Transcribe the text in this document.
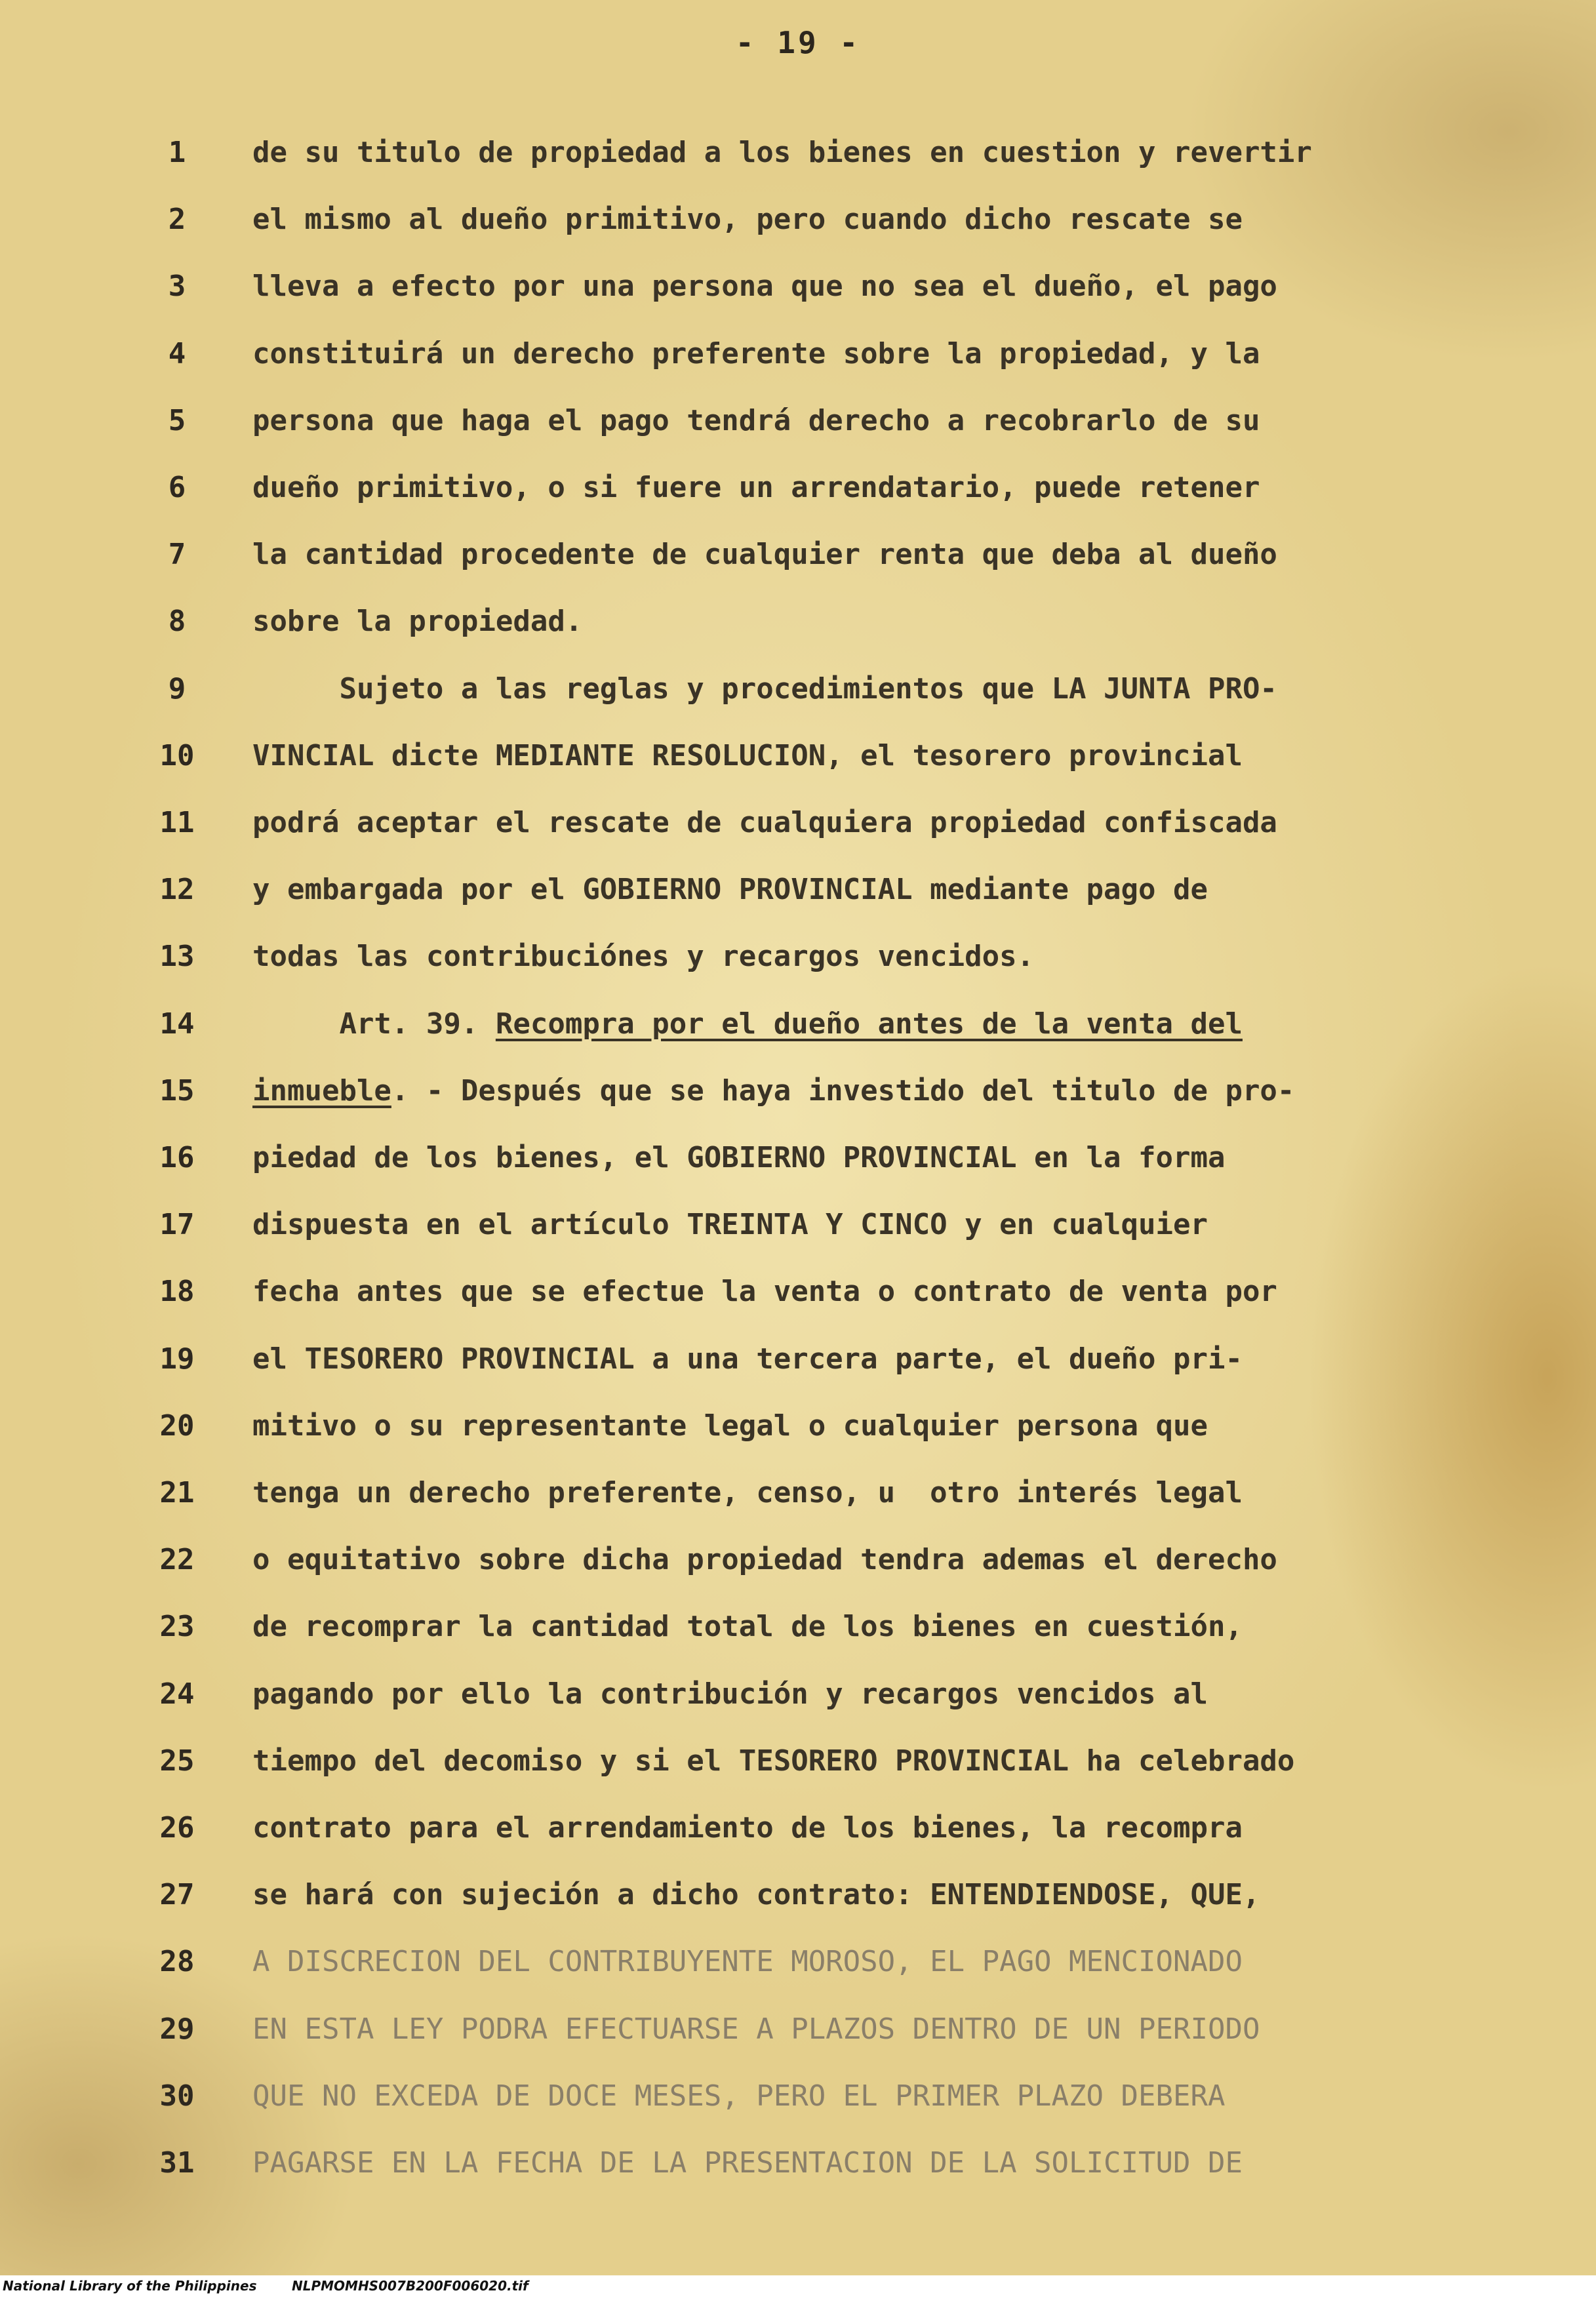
- 19 -
1	de su titulo de propiedad a los bienes en cuestion y revertir
2	el mismo al dueño primitivo, pero cuando dicho rescate se
3	lleva a efecto por una persona que no sea el dueño, el pago
4	constituirá un derecho preferente sobre la propiedad, y la
5	persona que haga el pago tendrá derecho a recobrarlo de su
6	dueño primitivo, o si fuere un arrendatario, puede retener
7	la cantidad procedente de cualquier renta que deba al dueño
8	sobre la propiedad.
9	Sujeto a las reglas y procedimientos que LA JUNTA PRO-
10	VINCIAL dicte MEDIANTE RESOLUCION, el tesorero provincial
11	podrá aceptar el rescate de cualquiera propiedad confiscada
12	y embargada por el GOBIERNO PROVINCIAL mediante pago de
13	todas las contribuciónes y recargos vencidos.
14	Art. 39. Recompra por el dueño antes de la venta del
15	inmueble. - Después que se haya investido del titulo de pro-
16	piedad de los bienes, el GOBIERNO PROVINCIAL en la forma
17	dispuesta en el artículo TREINTA Y CINCO y en cualquier
18	fecha antes que se efectue la venta o contrato de venta por
19	el TESORERO PROVINCIAL a una tercera parte, el dueño pri-
20	mitivo o su representante legal o cualquier persona que
21	tenga un derecho preferente, censo, u  otro interés legal
22	o equitativo sobre dicha propiedad tendra ademas el derecho
23	de recomprar la cantidad total de los bienes en cuestión,
24	pagando por ello la contribución y recargos vencidos al
25	tiempo del decomiso y si el TESORERO PROVINCIAL ha celebrado
26	contrato para el arrendamiento de los bienes, la recompra
27	se hará con sujeción a dicho contrato: ENTENDIENDOSE, QUE,
28	A DISCRECION DEL CONTRIBUYENTE MOROSO, EL PAGO MENCIONADO
29	EN ESTA LEY PODRA EFECTUARSE A PLAZOS DENTRO DE UN PERIODO
30	QUE NO EXCEDA DE DOCE MESES, PERO EL PRIMER PLAZO DEBERA
31	PAGARSE EN LA FECHA DE LA PRESENTACION DE LA SOLICITUD DE
National Library of the Philippines	NLPMOMHS007B200F006020.tif
